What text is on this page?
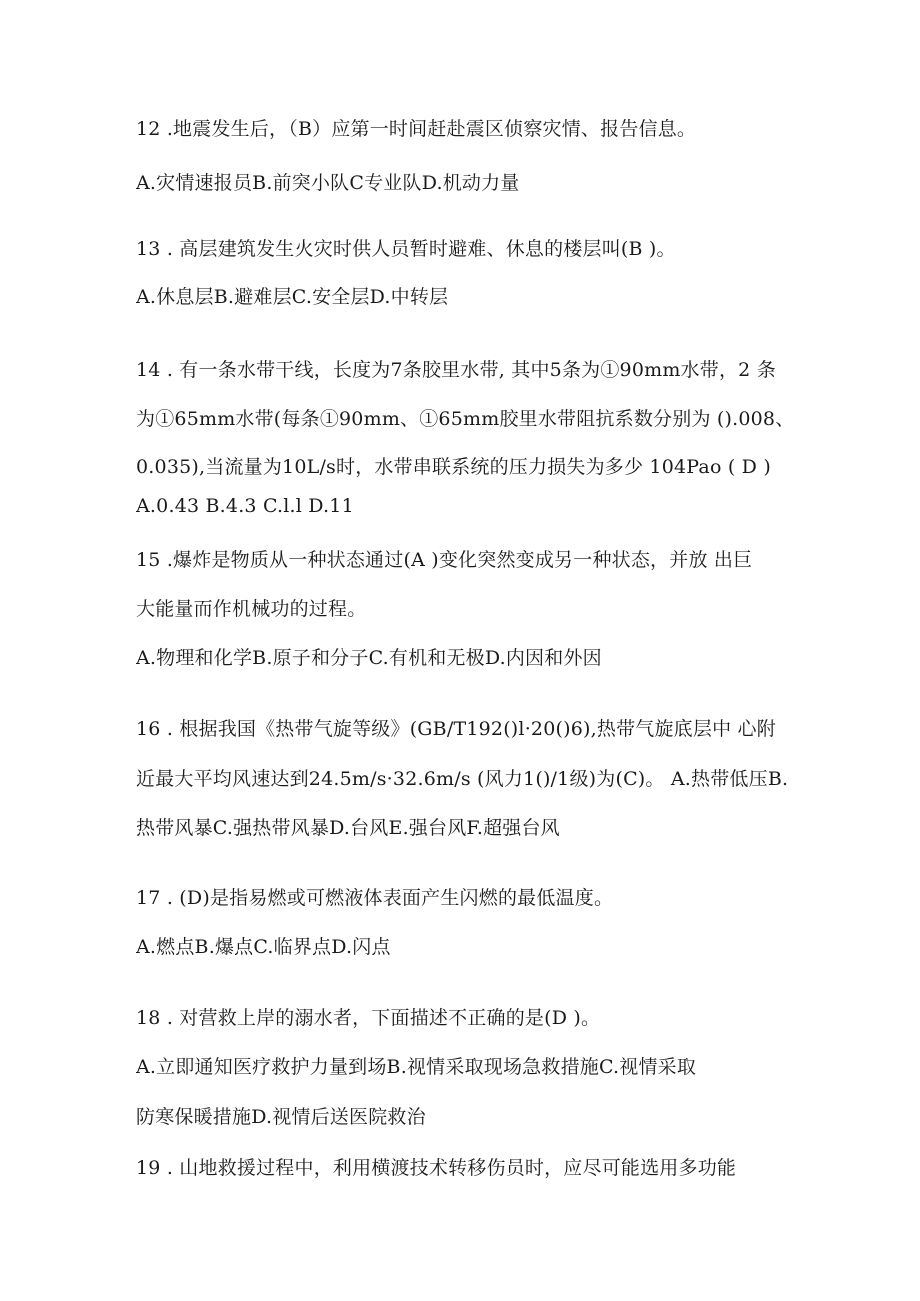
12 .地震发生后，（B）应第一时间赶赴震区侦察灾情、报告信息。
A.灾情速报员B.前突小队C专业队D.机动力量
13 . 高层建筑发生火灾时供人员暂时避难、休息的楼层叫(B )。
A.休息层B.避难层C.安全层D.中转层
14 . 有一条水带干线，长度为7条胶里水带, 其中5条为①90mm水带，2 条
为①65mm水带(每条①90mm、①65mm胶里水带阻抗系数分别为 ().008、
0.035),当流量为10L/s时，水带串联系统的压力损失为多少 104Pao ( D )
A.0.43 B.4.3 C.l.l D.11
15 .爆炸是物质从一种状态通过(A )变化突然变成另一种状态，并放 出巨
大能量而作机械功的过程。
A.物理和化学B.原子和分子C.有机和无极D.内因和外因
16 . 根据我国《热带气旋等级》(GB/T192()l·20()6),热带气旋底层中 心附
近最大平均风速达到24.5m/s·32.6m/s (风力1()/1级)为(C)。 A.热带低压B.
热带风暴C.强热带风暴D.台风E.强台风F.超强台风
17 . (D)是指易燃或可燃液体表面产生闪燃的最低温度。
A.燃点B.爆点C.临界点D.闪点
18 . 对营救上岸的溺水者，下面描述不正确的是(D )。
A.立即通知医疗救护力量到场B.视情采取现场急救措施C.视情采取
防寒保暖措施D.视情后送医院救治
19 . 山地救援过程中，利用横渡技术转移伤员时，应尽可能选用多功能
